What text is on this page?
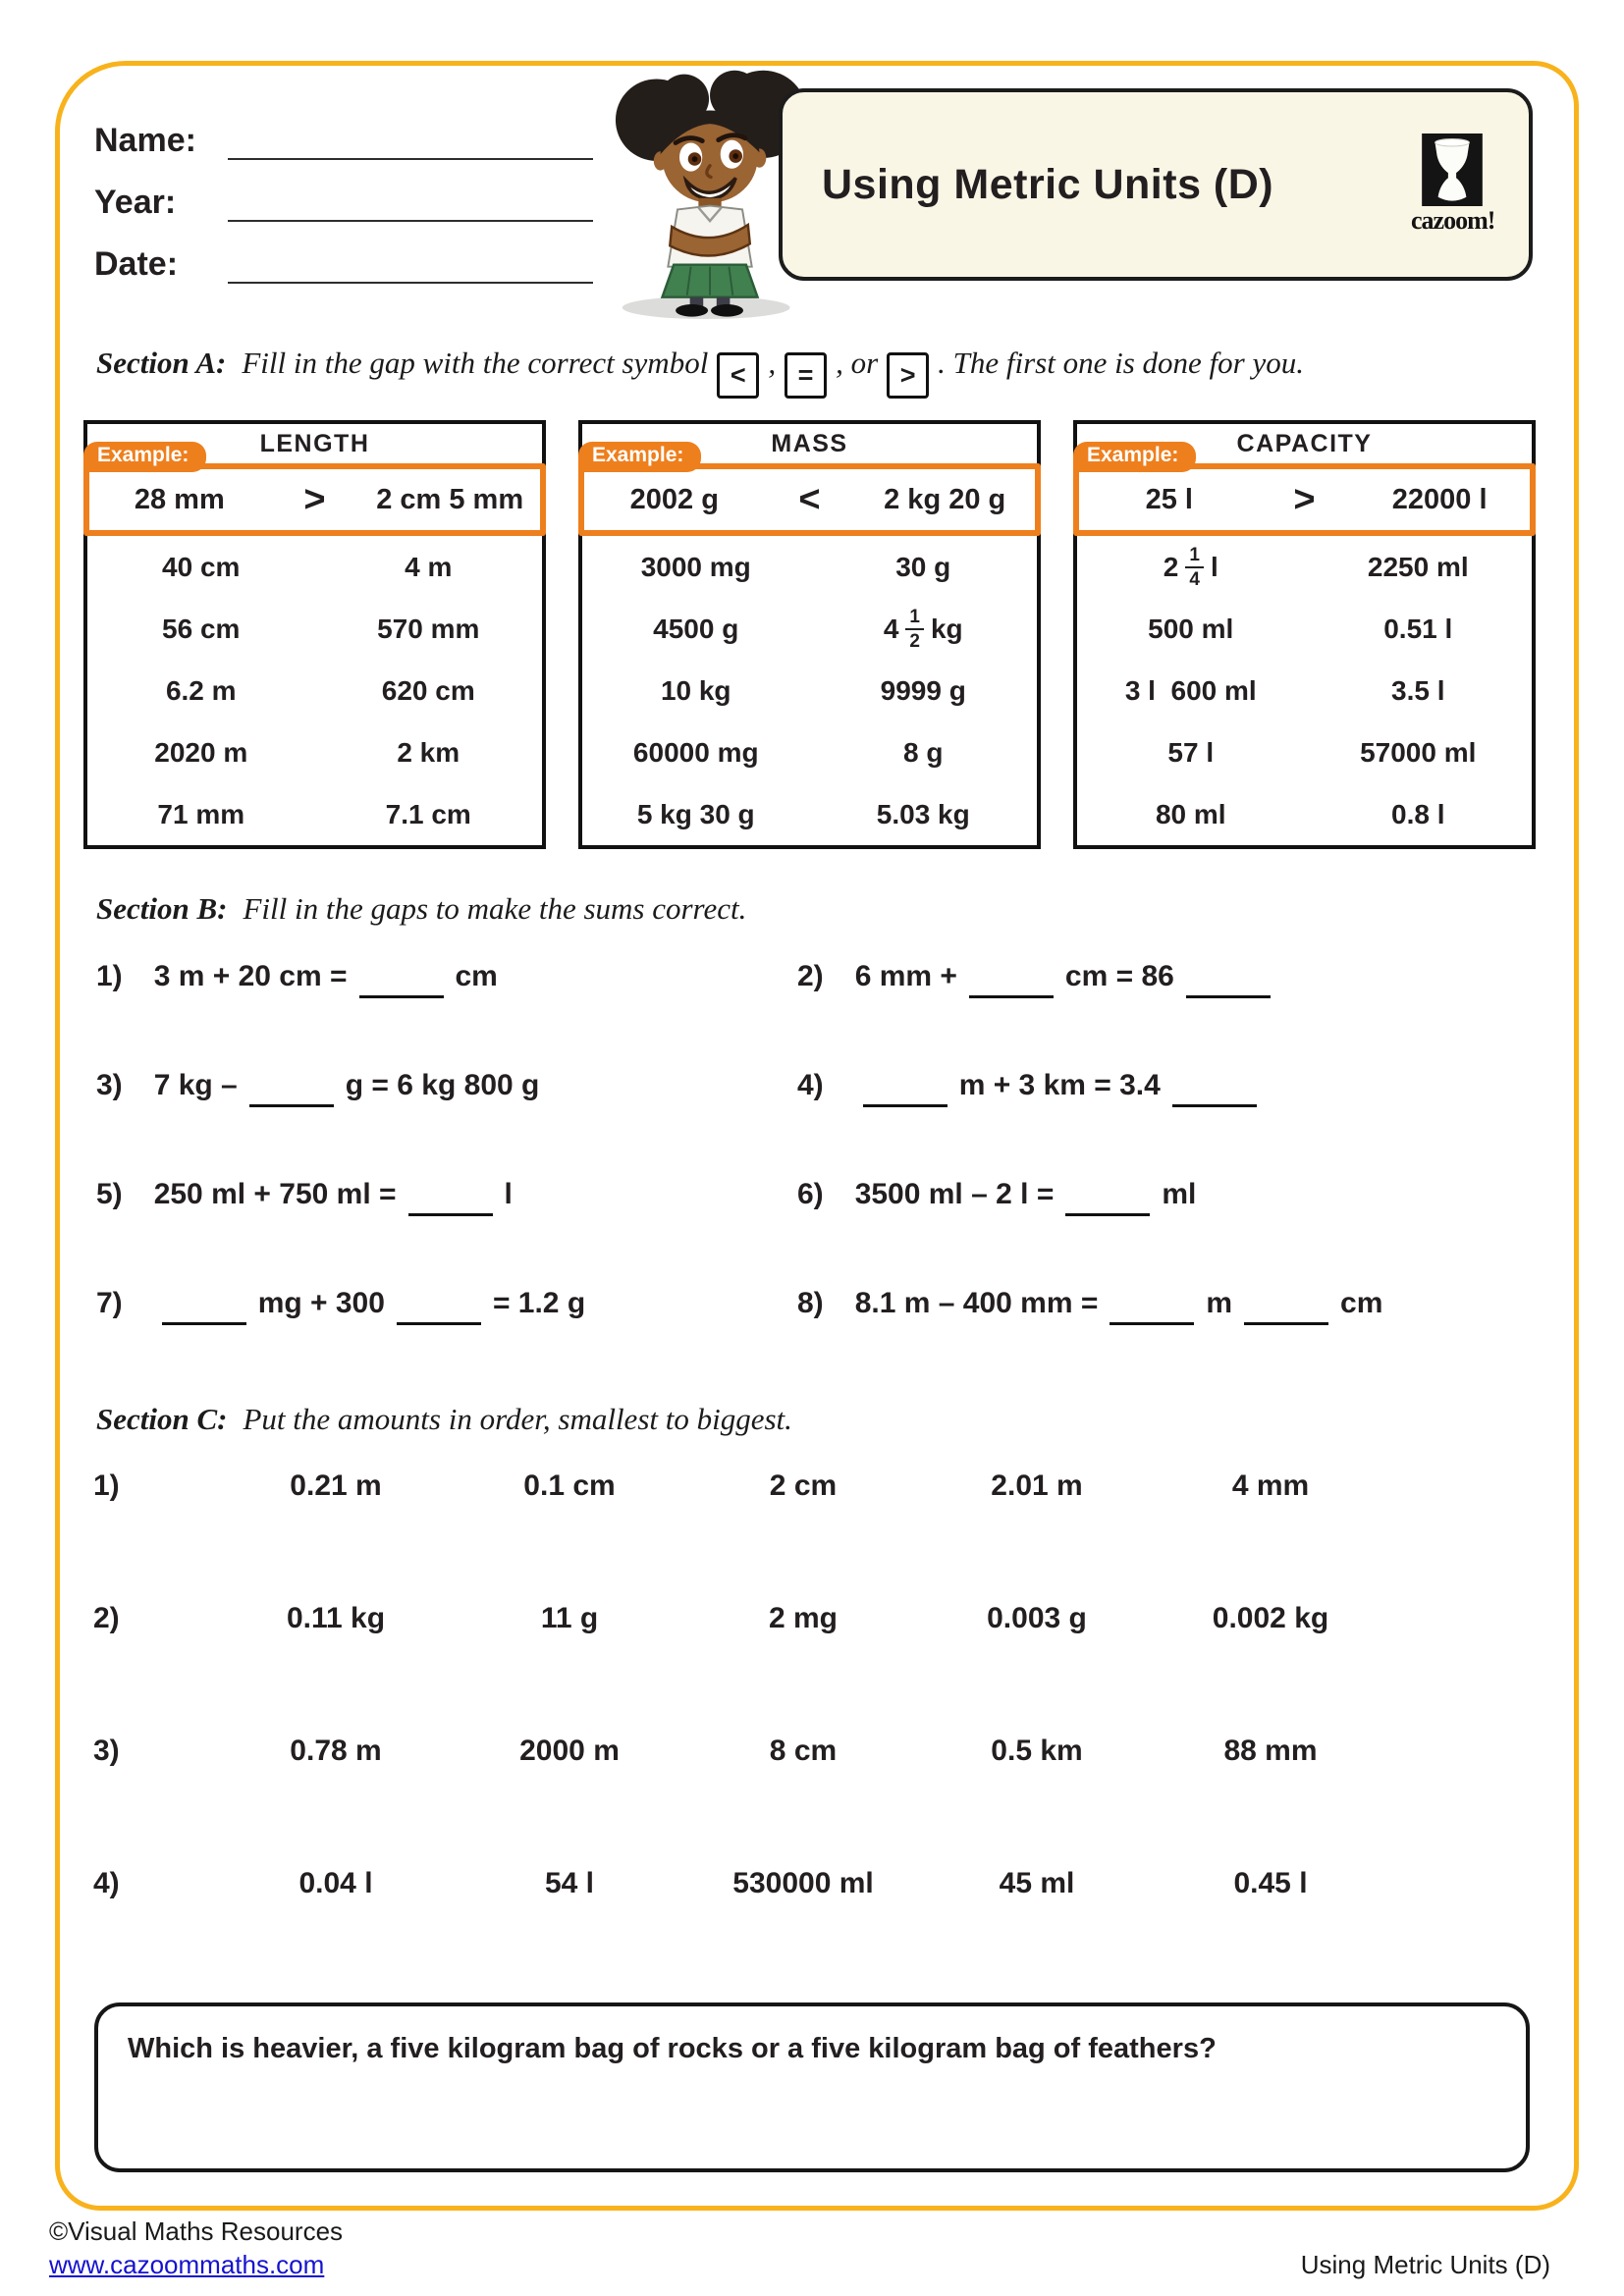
Name:
Year:
Date:
Using Metric Units (D)
cazoom!
Section A: Fill in the gap with the correct symbol < , = , or > . The first one is done for you.
LENGTH
Example:
28 mm	>	2 cm 5 mm
40 cm	4 m
56 cm	570 mm
6.2 m	620 cm
2020 m	2 km
71 mm	7.1 cm
MASS
Example:
2002 g	<	2 kg 20 g
3000 mg	30 g
4500 g	$4 \frac{1}{2}$ kg
10 kg	9999 g
60000 mg	8 g
5 kg 30 g	5.03 kg
CAPACITY
Example:
25 l	>	22000 l
$2 \frac{1}{4}$ l	2250 ml
500 ml	0.51 l
3 l  600 ml	3.5 l
57 l	57000 ml
80 ml	0.8 l
Section B: Fill in the gaps to make the sums correct.
1) 3 m + 20 cm =	cm	2) 6 mm +	cm = 86
3) 7 kg –	g = 6 kg 800 g	4)	m + 3 km = 3.4
5) 250 ml + 750 ml =	l	6) 3500 ml – 2 l =	ml
7)	mg + 300	= 1.2 g	8) 8.1 m – 400 mm =	m	cm
Section C: Put the amounts in order, smallest to biggest.
1)	0.21 m	0.1 cm	2 cm	2.01 m	4 mm
2)	0.11 kg	11 g	2 mg	0.003 g	0.002 kg
3)	0.78 m	2000 m	8 cm	0.5 km	88 mm
4)	0.04 l	54 l	530000 ml	45 ml	0.45 l
Which is heavier, a five kilogram bag of rocks or a five kilogram bag of feathers?
©Visual Maths Resources
www.cazoommaths.com	Using Metric Units (D)
